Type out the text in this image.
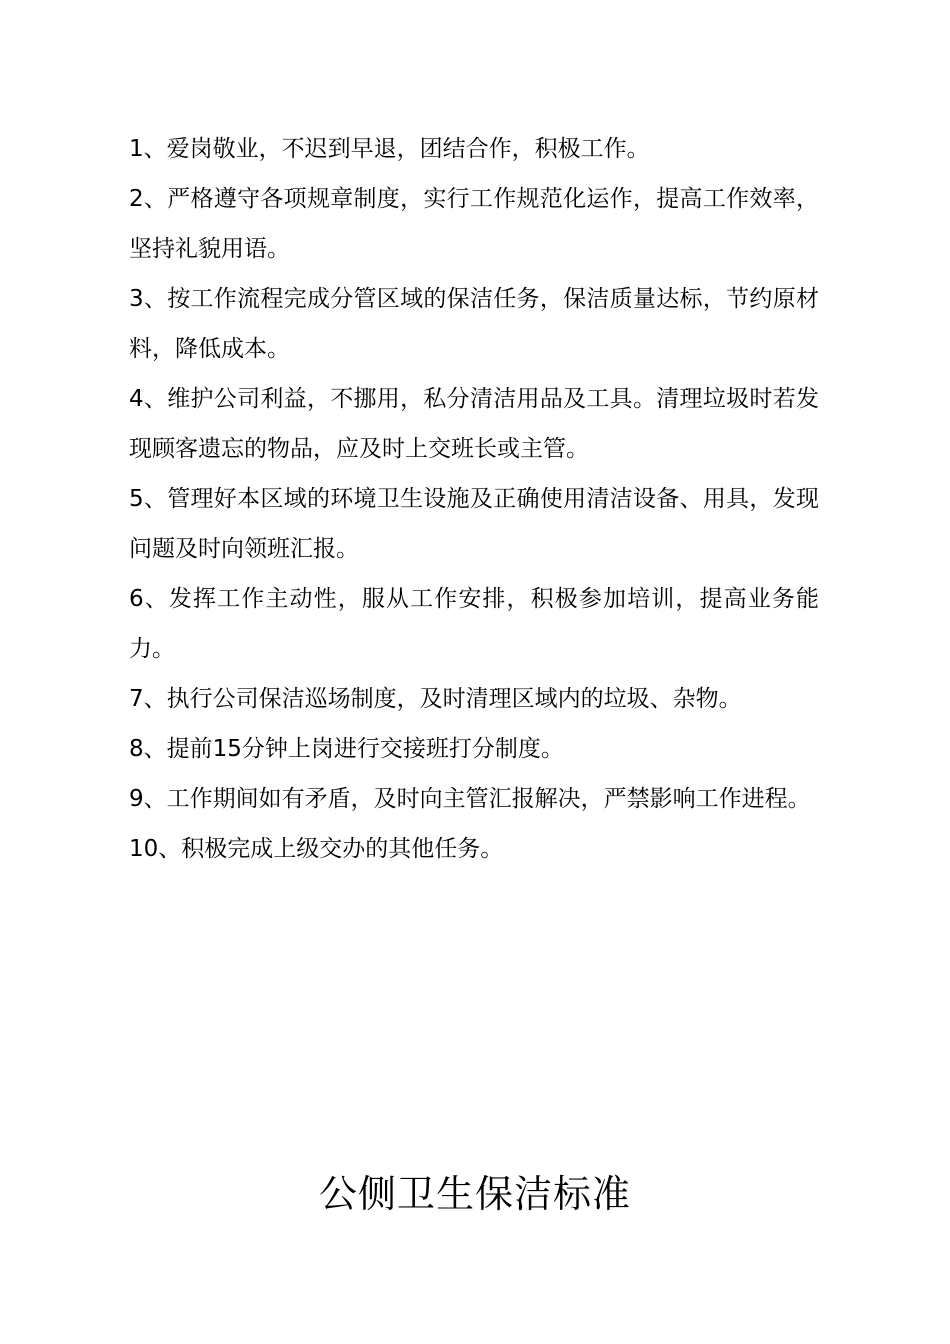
1、爱岗敬业，不迟到早退，团结合作，积极工作。
2、严格遵守各项规章制度，实行工作规范化运作，提高工作效率，坚持礼貌用语。
3、按工作流程完成分管区域的保洁任务，保洁质量达标，节约原材料，降低成本。
4、维护公司利益，不挪用，私分清洁用品及工具。清理垃圾时若发现顾客遗忘的物品，应及时上交班长或主管。
5、管理好本区域的环境卫生设施及正确使用清洁设备、用具，发现问题及时向领班汇报。
6、发挥工作主动性，服从工作安排，积极参加培训，提高业务能力。
7、执行公司保洁巡场制度，及时清理区域内的垃圾、杂物。
8、提前15分钟上岗进行交接班打分制度。
9、工作期间如有矛盾，及时向主管汇报解决，严禁影响工作进程。
10、积极完成上级交办的其他任务。
公侧卫生保洁标准
